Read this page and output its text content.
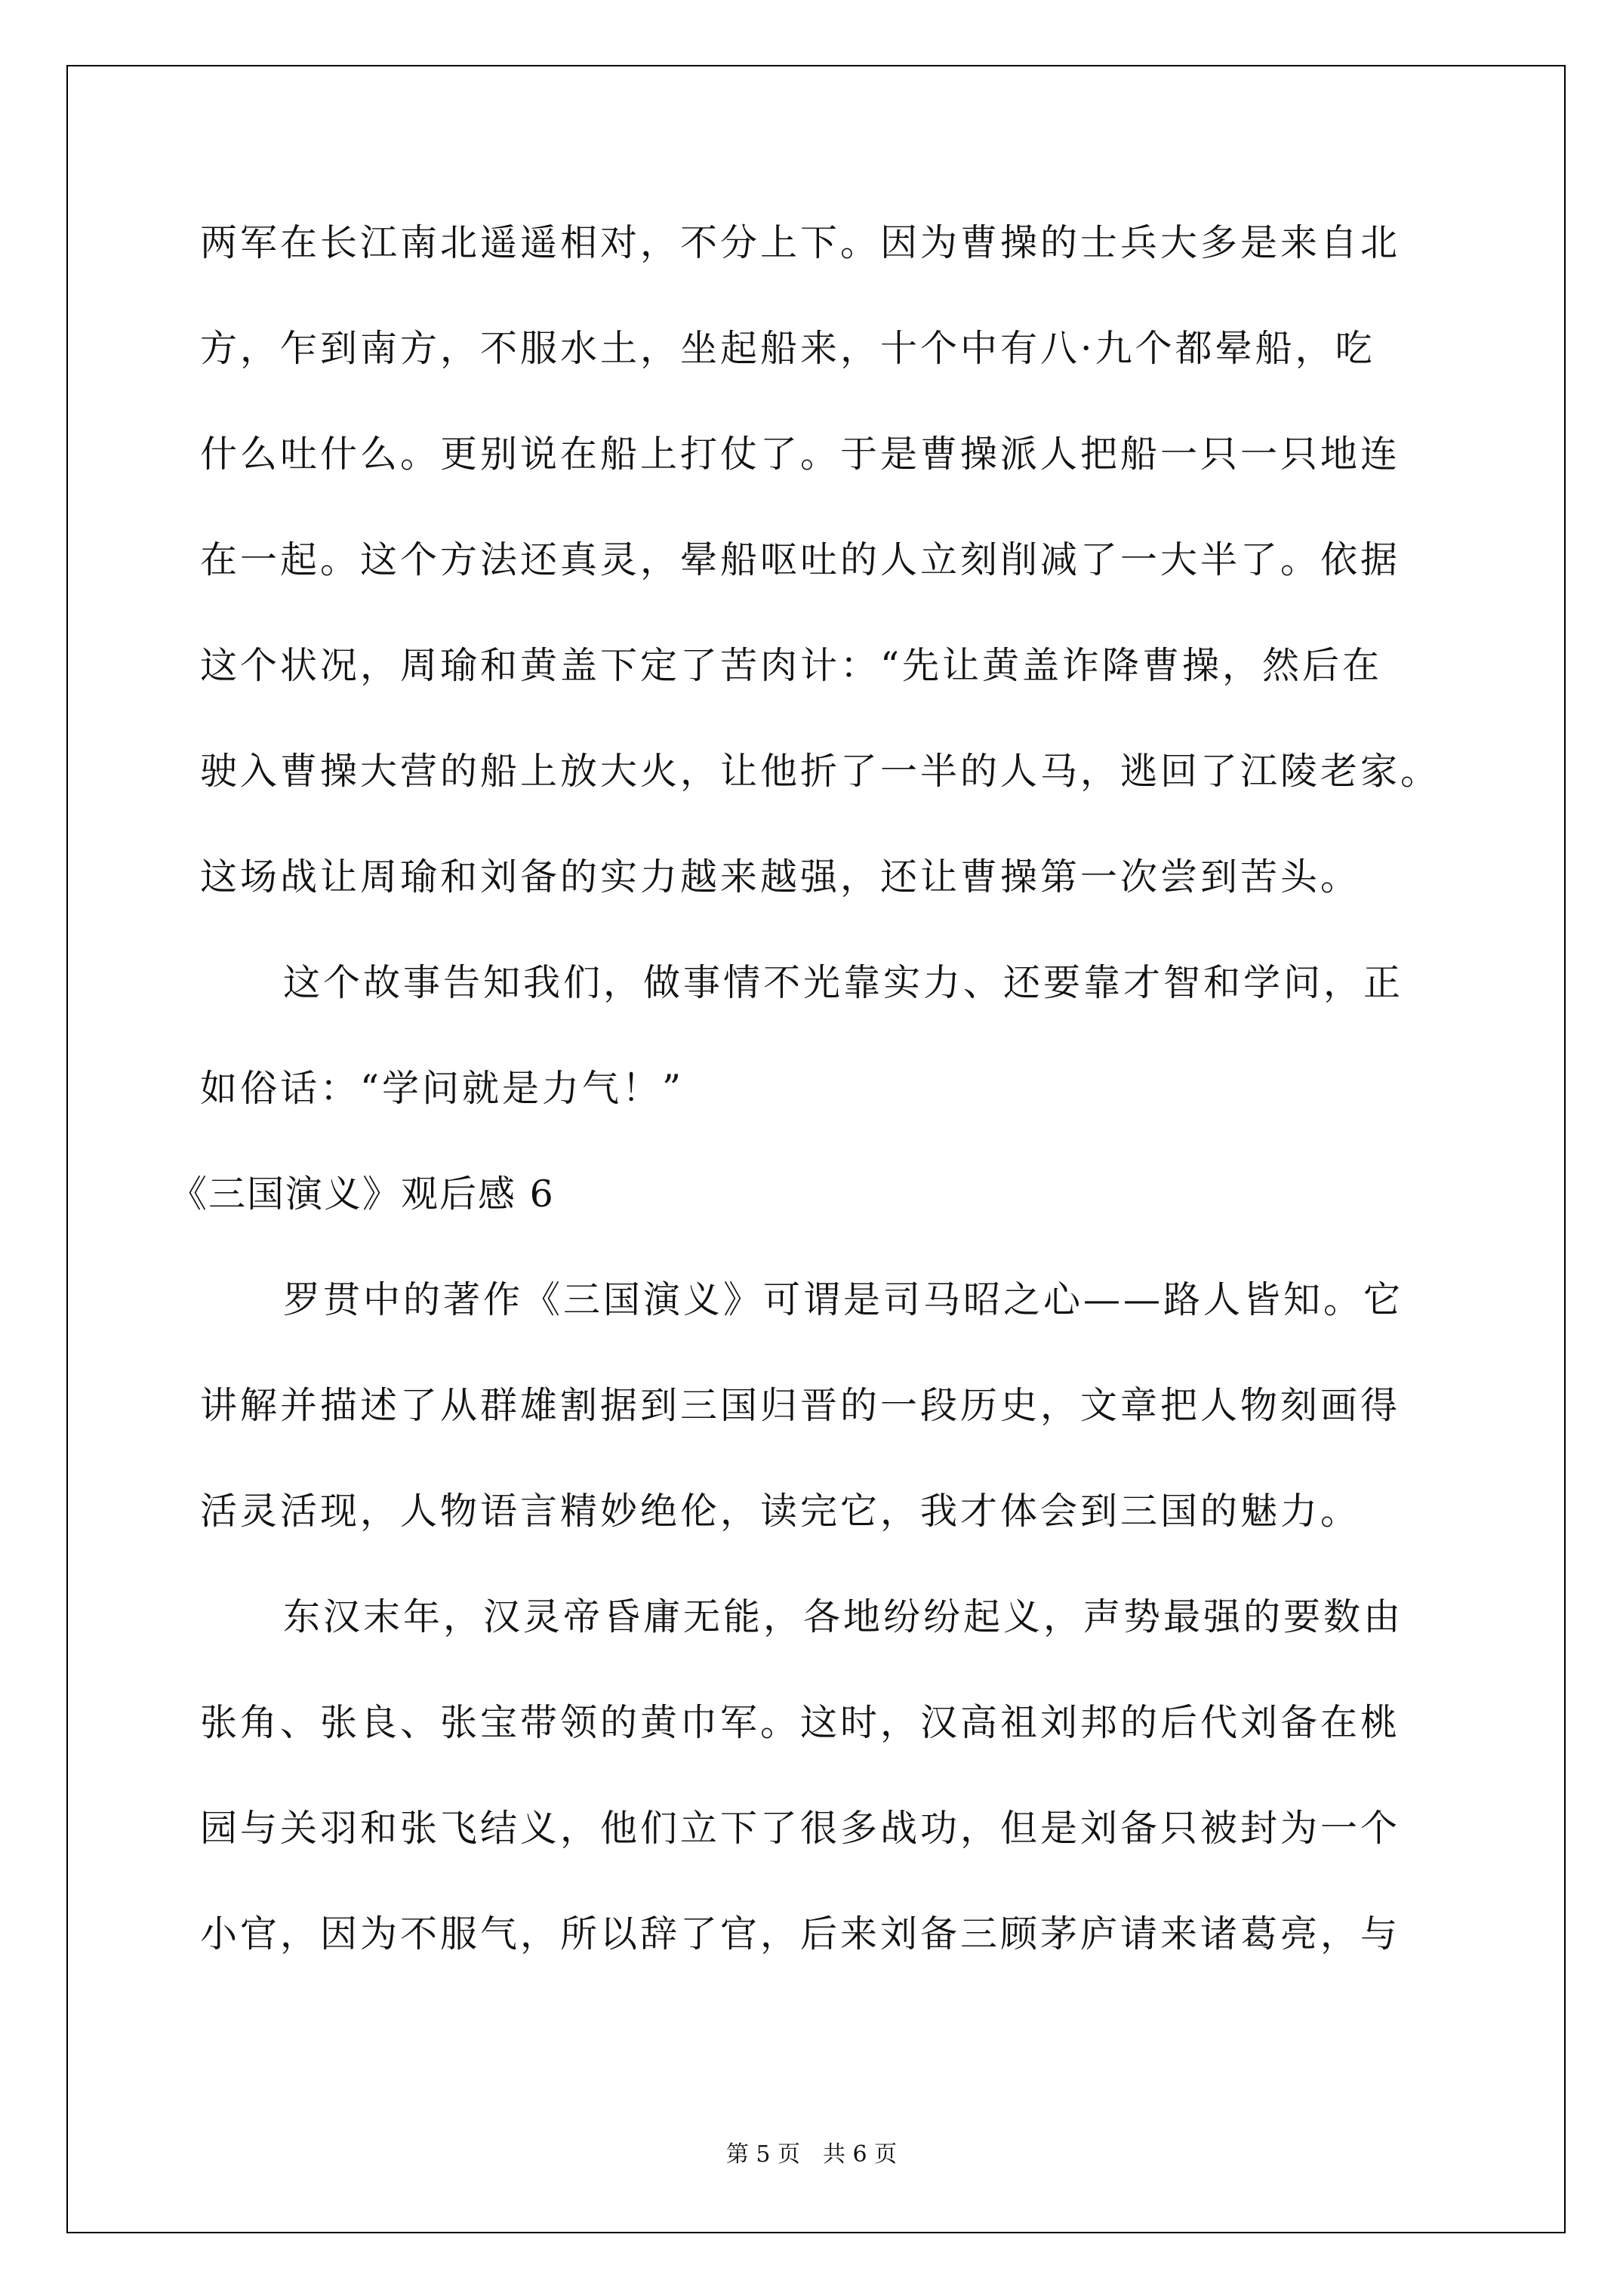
两军在长江南北遥遥相对，不分上下。因为曹操的士兵大多是来自北
方，乍到南方，不服水土，坐起船来，十个中有八·九个都晕船，吃
什么吐什么。更别说在船上打仗了。于是曹操派人把船一只一只地连
在一起。这个方法还真灵，晕船呕吐的人立刻削减了一大半了。依据
这个状况，周瑜和黄盖下定了苦肉计：“先让黄盖诈降曹操，然后在
驶入曹操大营的船上放大火，让他折了一半的人马，逃回了江陵老家。
这场战让周瑜和刘备的实力越来越强，还让曹操第一次尝到苦头。
这个故事告知我们，做事情不光靠实力、还要靠才智和学问，正
如俗话：“学问就是力气！”
《三国演义》观后感 6
罗贯中的著作《三国演义》可谓是司马昭之心——路人皆知。它
讲解并描述了从群雄割据到三国归晋的一段历史，文章把人物刻画得
活灵活现，人物语言精妙绝伦，读完它，我才体会到三国的魅力。
东汉末年，汉灵帝昏庸无能，各地纷纷起义，声势最强的要数由
张角、张良、张宝带领的黄巾军。这时，汉高祖刘邦的后代刘备在桃
园与关羽和张飞结义，他们立下了很多战功，但是刘备只被封为一个
小官，因为不服气，所以辞了官，后来刘备三顾茅庐请来诸葛亮，与
第 5 页　共 6 页
